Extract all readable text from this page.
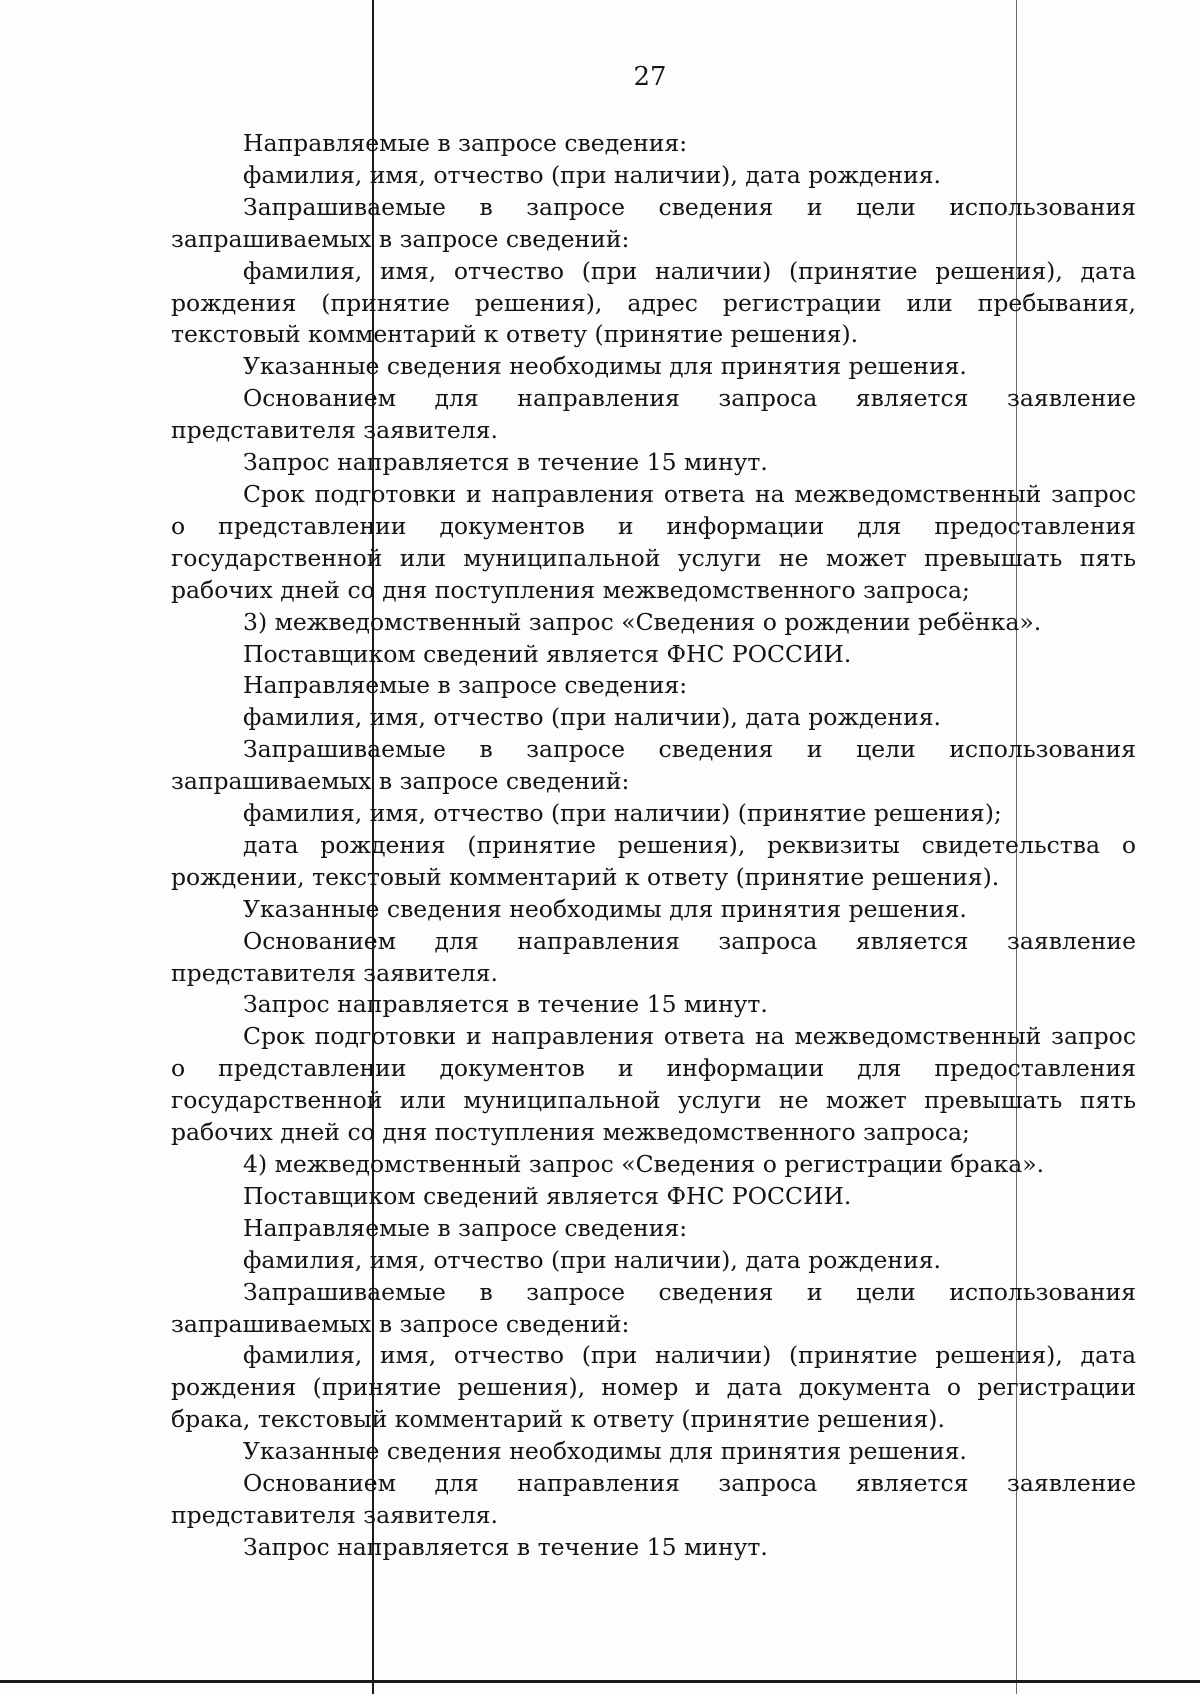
27

Направляемые в запросе сведения:

фамилия, имя, отчество (при наличии), дата рождения.

Запрашиваемые в запросе сведения и цели использования запрашиваемых в запросе сведений:

фамилия, имя, отчество (при наличии) (принятие решения), дата рождения (принятие решения), адрес регистрации или пребывания, текстовый комментарий к ответу (принятие решения).

Указанные сведения необходимы для принятия решения.

Основанием для направления запроса является заявление представителя заявителя.

Запрос направляется в течение 15 минут.

Срок подготовки и направления ответа на межведомственный запрос о представлении документов и информации для предоставления государственной или муниципальной услуги не может превышать пять рабочих дней со дня поступления межведомственного запроса;

3) межведомственный запрос «Сведения о рождении ребёнка».

Поставщиком сведений является ФНС РОССИИ.

Направляемые в запросе сведения:

фамилия, имя, отчество (при наличии), дата рождения.

Запрашиваемые в запросе сведения и цели использования запрашиваемых в запросе сведений:

фамилия, имя, отчество (при наличии) (принятие решения);

дата рождения (принятие решения), реквизиты свидетельства о рождении, текстовый комментарий к ответу (принятие решения).

Указанные сведения необходимы для принятия решения.

Основанием для направления запроса является заявление представителя заявителя.

Запрос направляется в течение 15 минут.

Срок подготовки и направления ответа на межведомственный запрос о представлении документов и информации для предоставления государственной или муниципальной услуги не может превышать пять рабочих дней со дня поступления межведомственного запроса;

4) межведомственный запрос «Сведения о регистрации брака».

Поставщиком сведений является ФНС РОССИИ.

Направляемые в запросе сведения:

фамилия, имя, отчество (при наличии), дата рождения.

Запрашиваемые в запросе сведения и цели использования запрашиваемых в запросе сведений:

фамилия, имя, отчество (при наличии) (принятие решения), дата рождения (принятие решения), номер и дата документа о регистрации брака, текстовый комментарий к ответу (принятие решения).

Указанные сведения необходимы для принятия решения.

Основанием для направления запроса является заявление представителя заявителя.

Запрос направляется в течение 15 минут.
